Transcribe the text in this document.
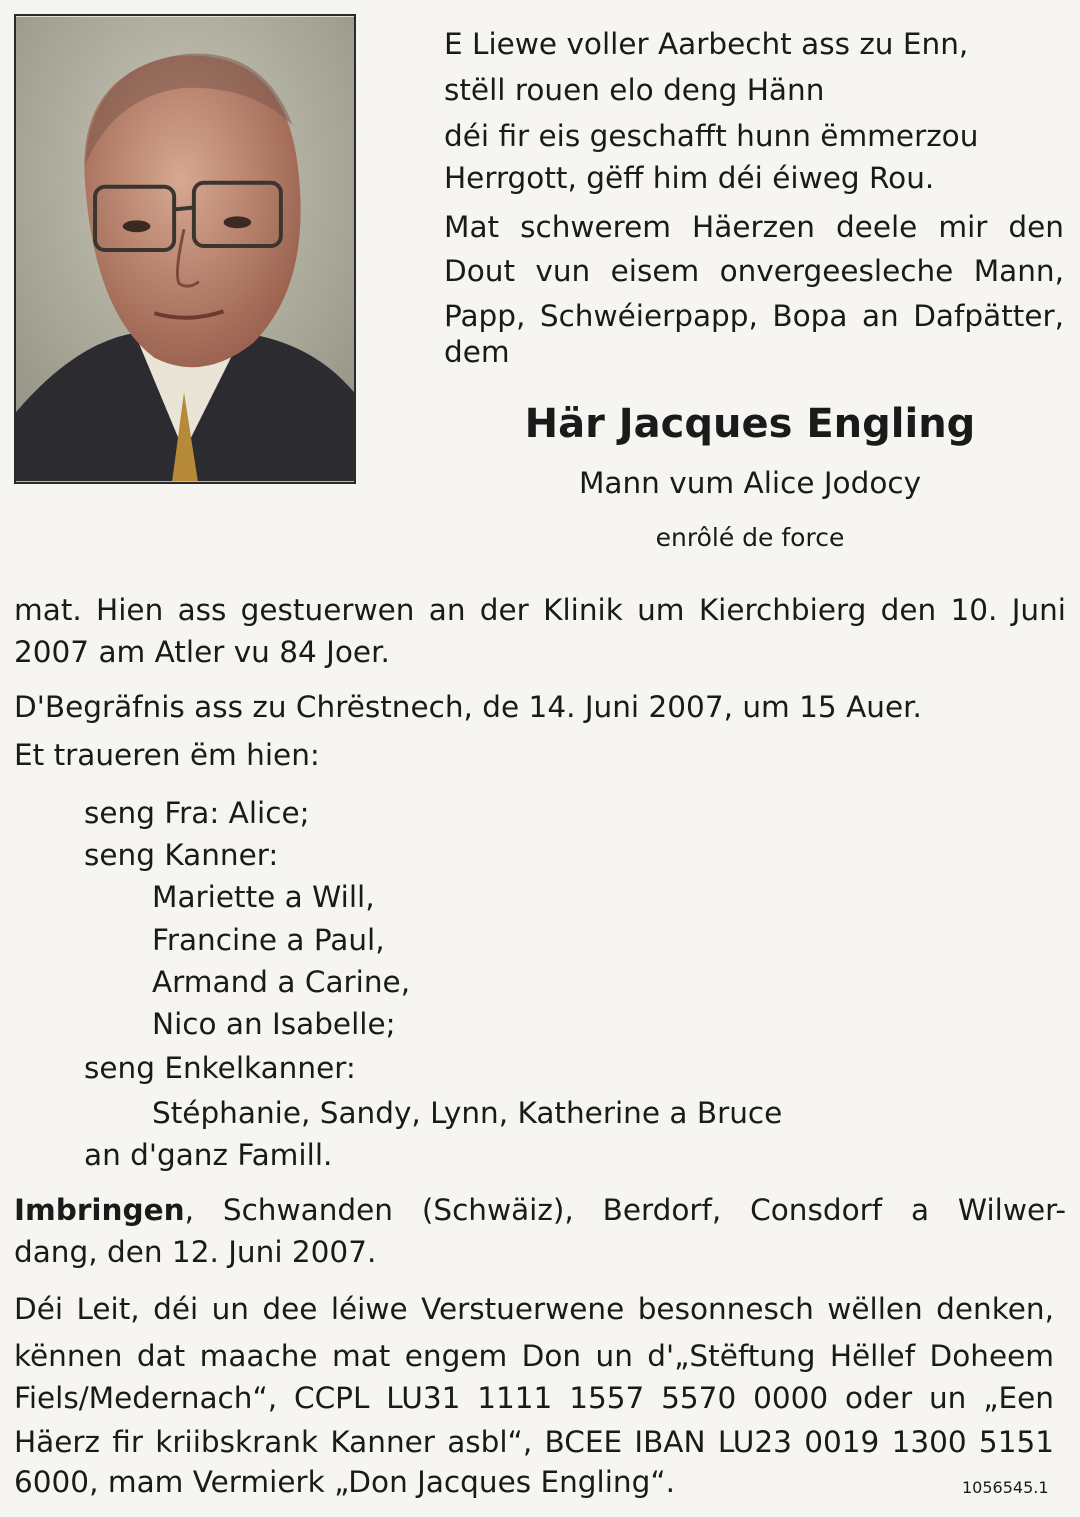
E Liewe voller Aarbecht ass zu Enn,
stëll rouen elo deng Hänn
déi fir eis geschafft hunn ëmmerzou
Herrgott, gëff him déi éiweg Rou.
Mat schwerem Häerzen deele mir den
Dout vun eisem onvergeesleche Mann,
Papp, Schwéierpapp, Bopa an Dafpätter,
dem
Här Jacques Engling
Mann vum Alice Jodocy
enrôlé de force
mat. Hien ass gestuerwen an der Klinik um Kierchbierg den 10. Juni
2007 am Atler vu 84 Joer.
D'Begräfnis ass zu Chrëstnech, de 14. Juni 2007, um 15 Auer.
Et traueren ëm hien:
seng Fra: Alice;
seng Kanner:
Mariette a Will,
Francine a Paul,
Armand a Carine,
Nico an Isabelle;
seng Enkelkanner:
Stéphanie, Sandy, Lynn, Katherine a Bruce
an d'ganz Famill.
Imbringen , Schwanden (Schwäiz), Berdorf, Consdorf a Wilwer-
dang, den 12. Juni 2007.
Déi Leit, déi un dee léiwe Verstuerwene besonnesch wëllen denken,
kënnen dat maache mat engem Don un d'„Stëftung Hëllef Doheem
Fiels/Medernach“, CCPL LU31 1111 1557 5570 0000 oder un „Een
Häerz fir kriibskrank Kanner asbl“, BCEE IBAN LU23 0019 1300 5151
6000, mam Vermierk „Don Jacques Engling“.	1056545.1
